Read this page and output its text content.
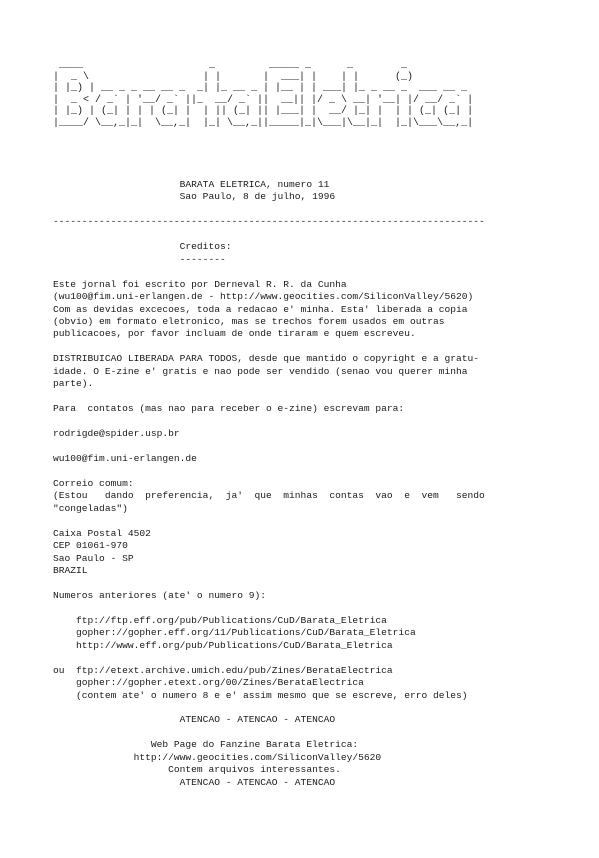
____                     _         _____ _      _        _
|  _ \                   | |       |  ___| |    | |      (_)
| |_) | __ _ _ __ __ _  _| |_ __ _ | |__ | | ___| |_ _ __ _  ___ __ _
|  _ < / _` | '__/ _` ||_  __/ _` ||  __|| |/ _ \ __| '__| |/ __/ _` |
| |_) | (_| | | | (_| |  | || (_| || |___| |  __/ |_| |  | | (_| (_| |
|____/ \__,_|_|  \__,_|  |_| \__,_||_____|_|\___|\__|_|  |_|\___\__,_|
BARATA ELETRICA, numero 11
Sao Paulo, 8 de julho, 1996

---------------------------------------------------------------------------

Creditos:
--------

Este jornal foi escrito por Derneval R. R. da Cunha
(wu100@fim.uni-erlangen.de - http://www.geocities.com/SiliconValley/5620)
Com as devidas excecoes, toda a redacao e' minha. Esta' liberada a copia
(obvio) em formato eletronico, mas se trechos forem usados em outras
publicacoes, por favor incluam de onde tiraram e quem escreveu.

DISTRIBUICAO LIBERADA PARA TODOS, desde que mantido o copyright e a gratu-
idade. O E-zine e' gratis e nao pode ser vendido (senao vou querer minha
parte).

Para  contatos (mas nao para receber o e-zine) escrevam para:

rodrigde@spider.usp.br

wu100@fim.uni-erlangen.de

Correio comum:
(Estou   dando  preferencia,  ja'  que  minhas  contas  vao  e  vem   sendo
"congeladas")

Caixa Postal 4502
CEP 01061-970
Sao Paulo - SP
BRAZIL

Numeros anteriores (ate' o numero 9):

ftp://ftp.eff.org/pub/Publications/CuD/Barata_Eletrica
gopher://gopher.eff.org/11/Publications/CuD/Barata_Eletrica
http://www.eff.org/pub/Publications/CuD/Barata_Eletrica

ou  ftp://etext.archive.umich.edu/pub/Zines/BerataElectrica
gopher://gopher.etext.org/00/Zines/BerataElectrica
(contem ate' o numero 8 e e' assim mesmo que se escreve, erro deles)

ATENCAO - ATENCAO - ATENCAO

Web Page do Fanzine Barata Eletrica:
http://www.geocities.com/SiliconValley/5620
Contem arquivos interessantes.
ATENCAO - ATENCAO - ATENCAO
